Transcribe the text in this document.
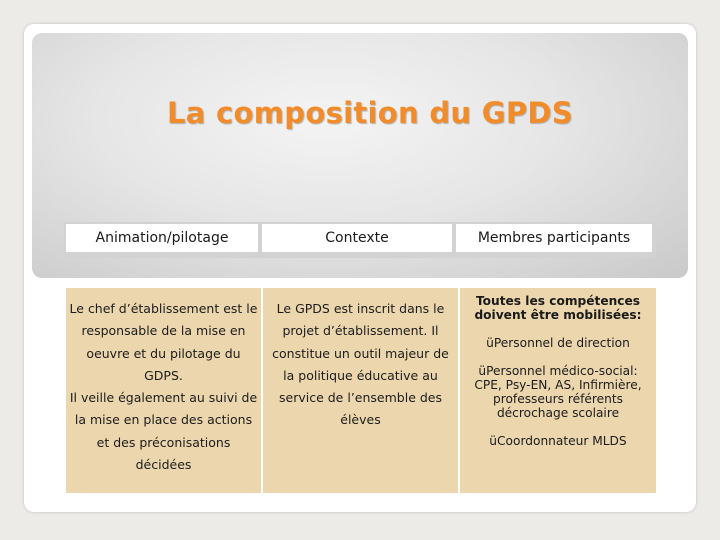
La composition du GPDS
Animation/pilotage	Contexte	Membres participants
Le chef d’établissement est le
responsable de la mise en
oeuvre et du pilotage du
GDPS.
Il veille également au suivi de
la mise en place des actions
et des préconisations
décidées
Le GPDS est inscrit dans le
projet d’établissement. Il
constitue un outil majeur de
la politique éducative au
service de l’ensemble des
élèves

Toutes les compétences

doivent être mobilisées:

üPersonnel de direction

üPersonnel médico-social:

CPE, Psy-EN, AS, Infirmière,

professeurs référents

décrochage scolaire

üCoordonnateur MLDS
